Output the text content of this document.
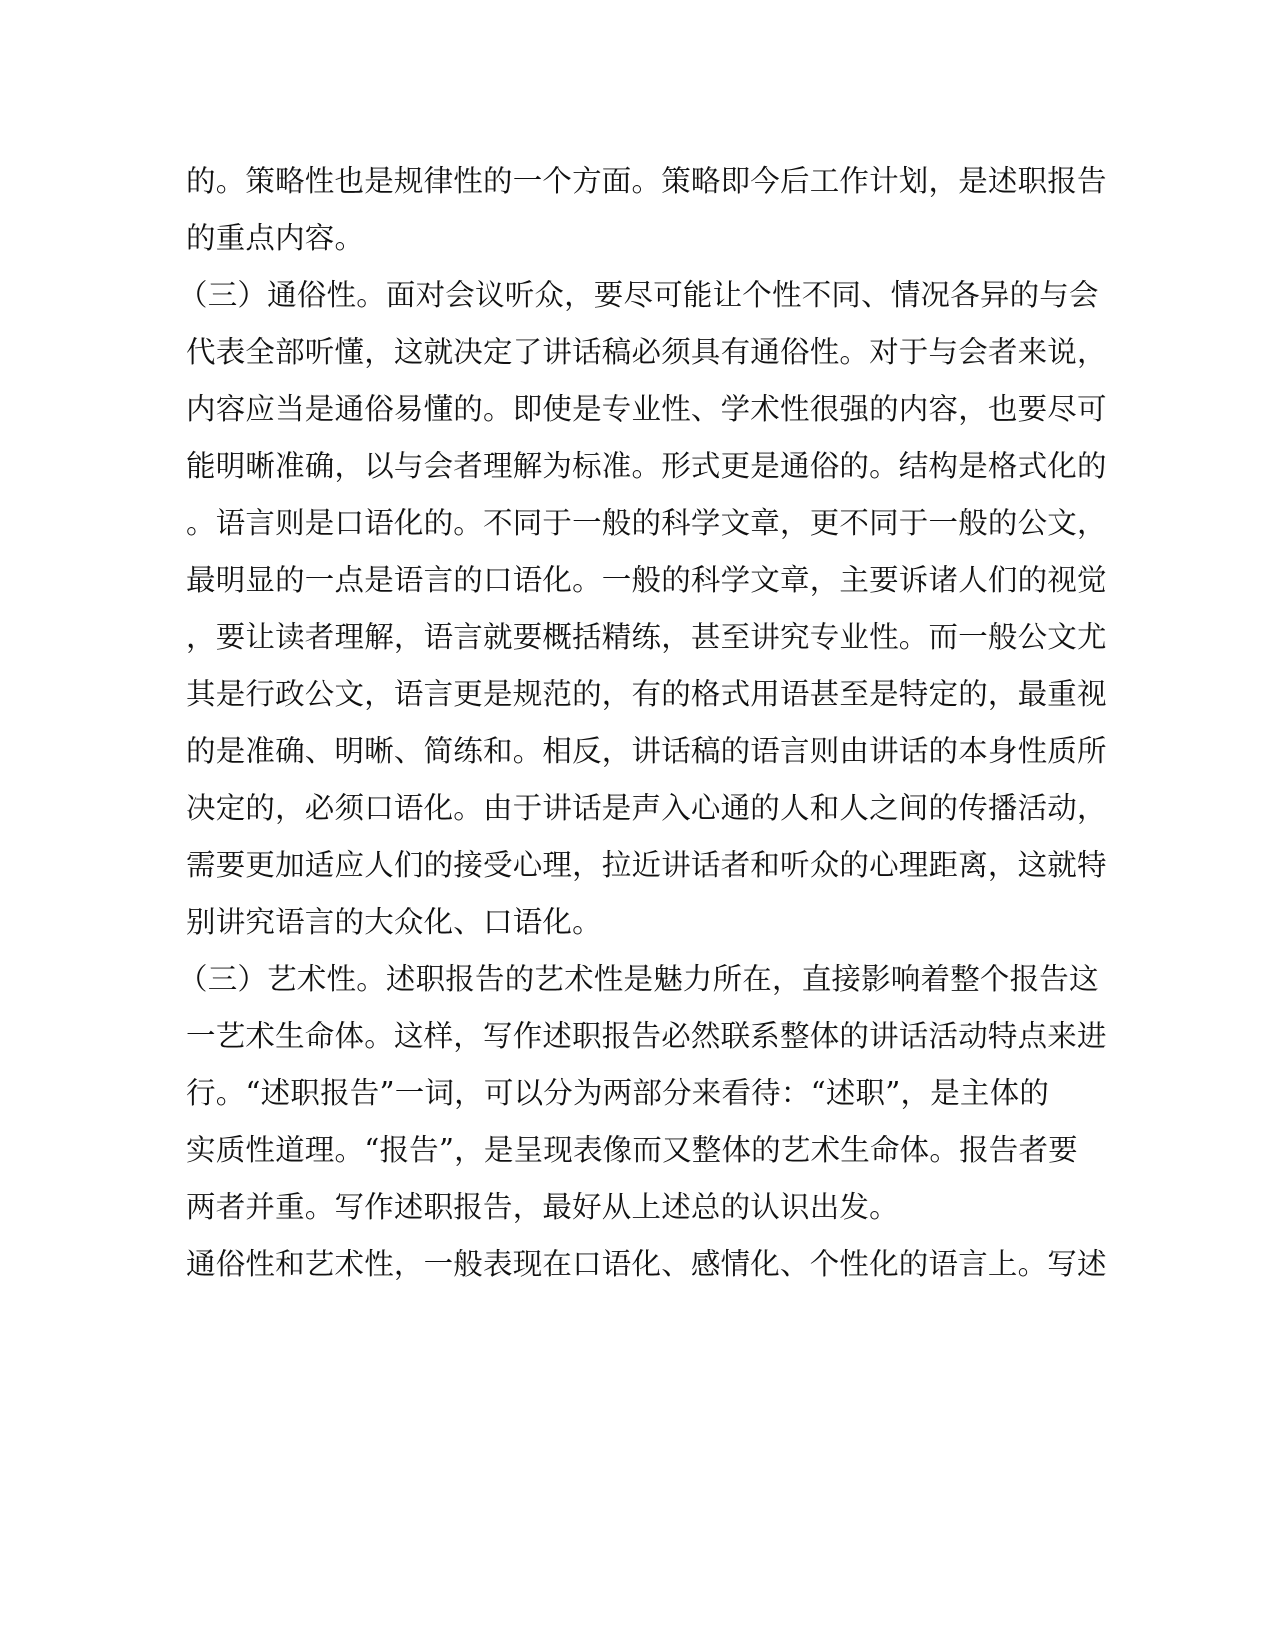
的。策略性也是规律性的一个方面。策略即今后工作计划，是述职报告
的重点内容。
（三）通俗性。面对会议听众，要尽可能让个性不同、情况各异的与会
代表全部听懂，这就决定了讲话稿必须具有通俗性。对于与会者来说，
内容应当是通俗易懂的。即使是专业性、学术性很强的内容，也要尽可
能明晰准确，以与会者理解为标准。形式更是通俗的。结构是格式化的
。语言则是口语化的。不同于一般的科学文章，更不同于一般的公文，
最明显的一点是语言的口语化。一般的科学文章，主要诉诸人们的视觉
，要让读者理解，语言就要概括精练，甚至讲究专业性。而一般公文尤
其是行政公文，语言更是规范的，有的格式用语甚至是特定的，最重视
的是准确、明晰、简练和。相反，讲话稿的语言则由讲话的本身性质所
决定的，必须口语化。由于讲话是声入心通的人和人之间的传播活动，
需要更加适应人们的接受心理，拉近讲话者和听众的心理距离，这就特
别讲究语言的大众化、口语化。
（三）艺术性。述职报告的艺术性是魅力所在，直接影响着整个报告这
一艺术生命体。这样，写作述职报告必然联系整体的讲话活动特点来进
行。“述职报告”一词，可以分为两部分来看待：“述职”，是主体的
实质性道理。“报告”，是呈现表像而又整体的艺术生命体。报告者要
两者并重。写作述职报告，最好从上述总的认识出发。
通俗性和艺术性，一般表现在口语化、感情化、个性化的语言上。写述
